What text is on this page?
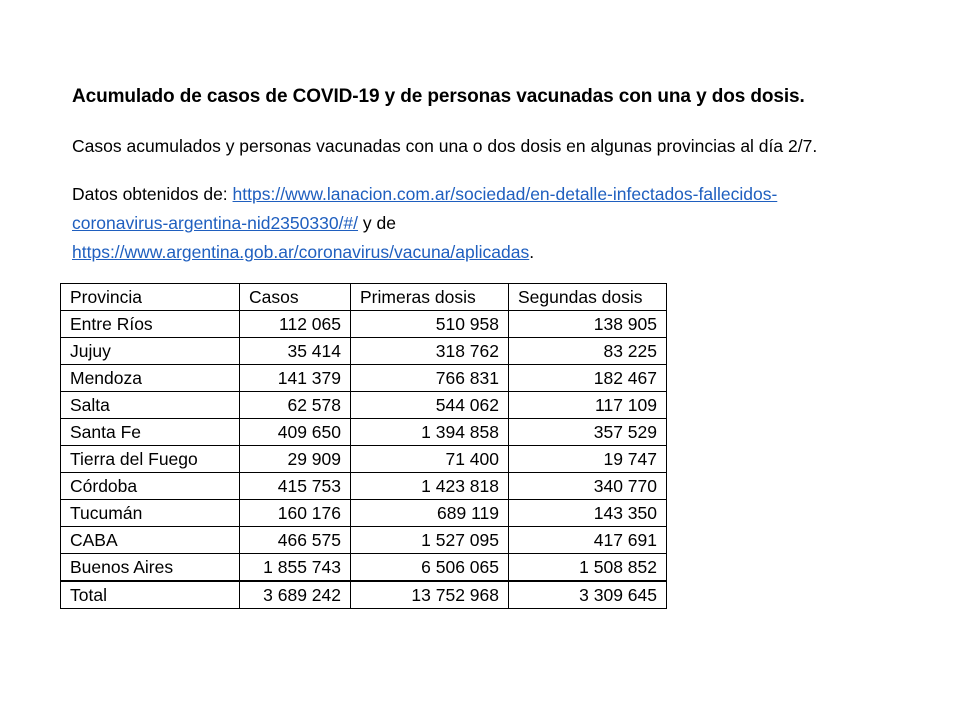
Acumulado de casos de COVID-19 y de personas vacunadas con una y dos dosis.
Casos acumulados y personas vacunadas con una o dos dosis en algunas provincias al día 2/7.
Datos obtenidos de: https://www.lanacion.com.ar/sociedad/en-detalle-infectados-fallecidos-
coronavirus-argentina-nid2350330/#/ y de
https://www.argentina.gob.ar/coronavirus/vacuna/aplicadas.
Provincia	Casos	Primeras dosis	Segundas dosis
Entre Ríos	112 065	510 958	138 905
Jujuy	35 414	318 762	83 225
Mendoza	141 379	766 831	182 467
Salta	62 578	544 062	117 109
Santa Fe	409 650	1 394 858	357 529
Tierra del Fuego	29 909	71 400	19 747
Córdoba	415 753	1 423 818	340 770
Tucumán	160 176	689 119	143 350
CABA	466 575	1 527 095	417 691
Buenos Aires	1 855 743	6 506 065	1 508 852
Total	3 689 242	13 752 968	3 309 645
